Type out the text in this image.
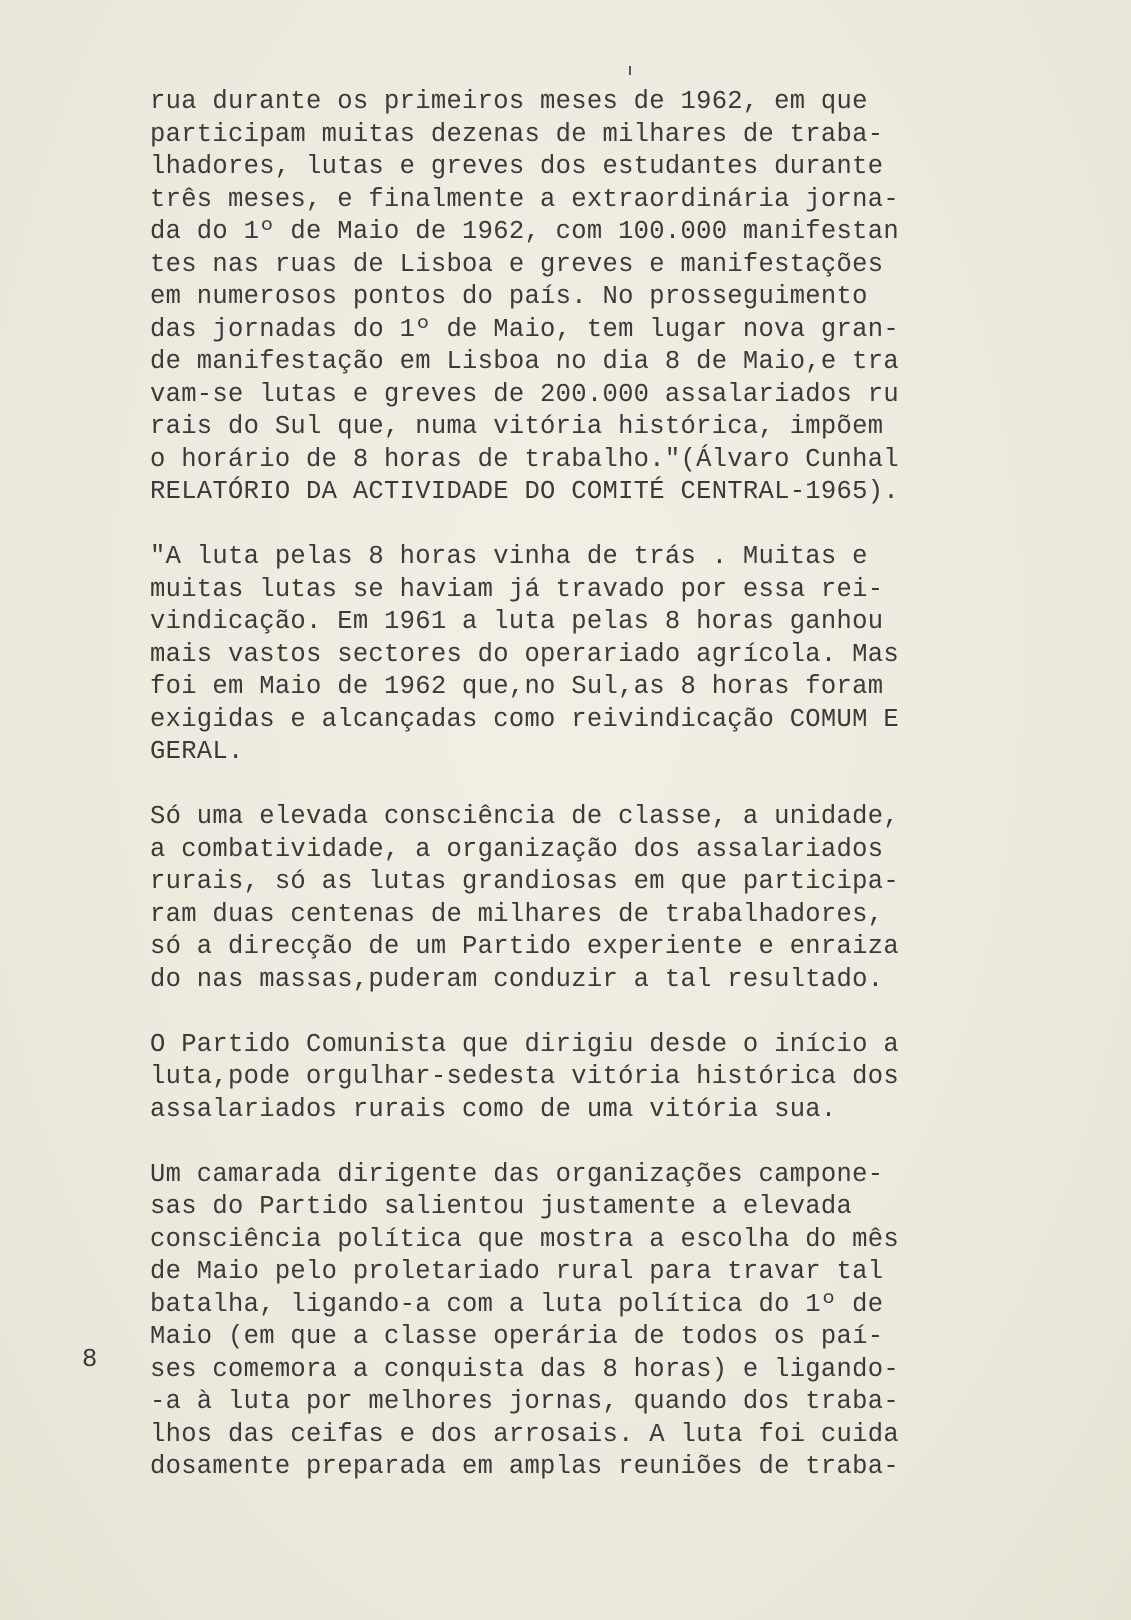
rua durante os primeiros meses de 1962, em que
participam muitas dezenas de milhares de traba-
lhadores, lutas e greves dos estudantes durante
três meses, e finalmente a extraordinária jorna-
da do 1º de Maio de 1962, com 100.000 manifestan
tes nas ruas de Lisboa e greves e manifestações
em numerosos pontos do país. No prosseguimento
das jornadas do 1º de Maio, tem lugar nova gran-
de manifestação em Lisboa no dia 8 de Maio,e tra
vam-se lutas e greves de 200.000 assalariados ru
rais do Sul que, numa vitória histórica, impõem
o horário de 8 horas de trabalho."(Álvaro Cunhal
RELATÓRIO DA ACTIVIDADE DO COMITÉ CENTRAL-1965).
"A luta pelas 8 horas vinha de trás . Muitas e
muitas lutas se haviam já travado por essa rei-
vindicação. Em 1961 a luta pelas 8 horas ganhou
mais vastos sectores do operariado agrícola. Mas
foi em Maio de 1962 que,no Sul,as 8 horas foram
exigidas e alcançadas como reivindicação COMUM E
GERAL.
Só uma elevada consciência de classe, a unidade,
a combatividade, a organização dos assalariados
rurais, só as lutas grandiosas em que participa-
ram duas centenas de milhares de trabalhadores,
só a direcção de um Partido experiente e enraiza
do nas massas,puderam conduzir a tal resultado.
O Partido Comunista que dirigiu desde o início a
luta,pode orgulhar-sedesta vitória histórica dos
assalariados rurais como de uma vitória sua.
Um camarada dirigente das organizações campone-
sas do Partido salientou justamente a elevada
consciência política que mostra a escolha do mês
de Maio pelo proletariado rural para travar tal
batalha, ligando-a com a luta política do 1º de
Maio (em que a classe operária de todos os paí-
ses comemora a conquista das 8 horas) e ligando-
-a à luta por melhores jornas, quando dos traba-
lhos das ceifas e dos arrosais. A luta foi cuida
dosamente preparada em amplas reuniões de traba-
8
